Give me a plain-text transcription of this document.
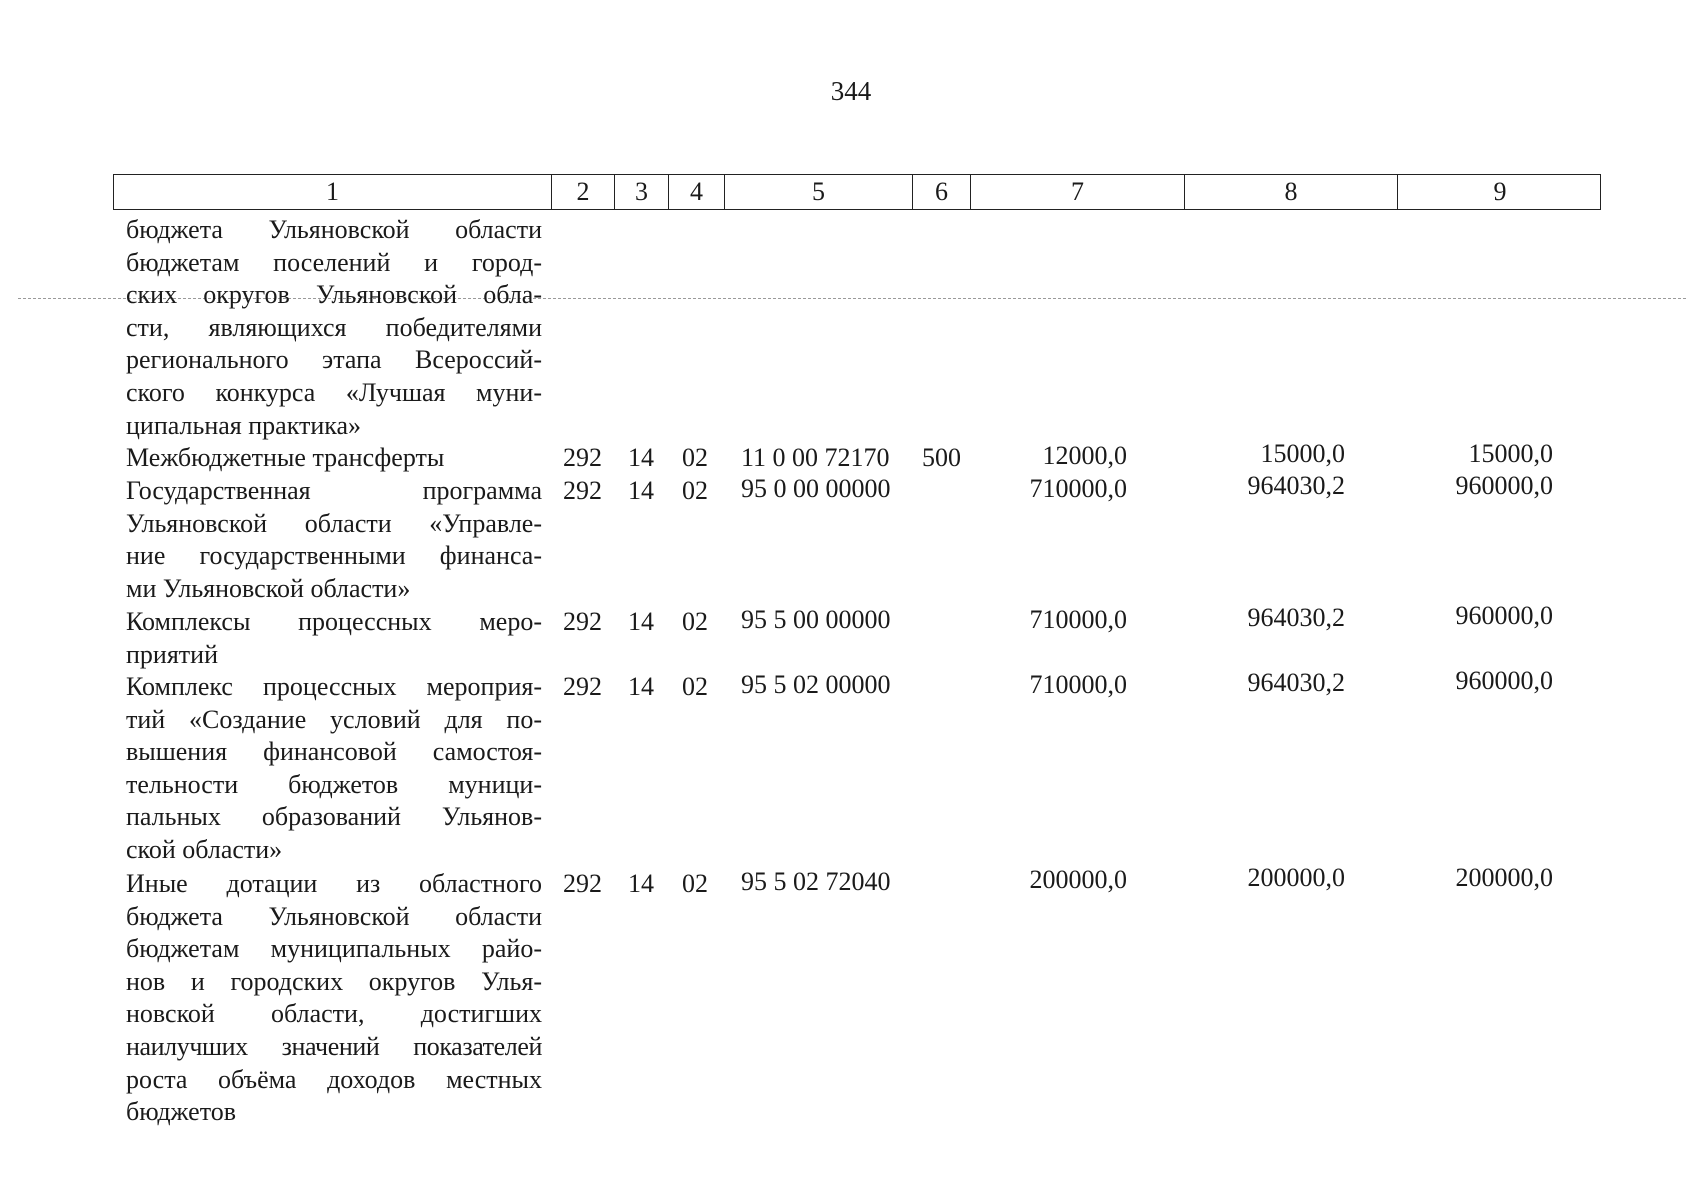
344
1	2	3	4	5	6	7	8	9
бюджета Ульяновской области
бюджетам поселений и город-
ских округов Ульяновской обла-
сти, являющихся победителями
регионального этапа Всероссий-
ского конкурса «Лучшая муни-
ципальная практика»
Межбюджетные трансферты	292 14 02 11 0 00 72170 500	12000,0	15000,0	15000,0
Государственная программа
Ульяновской области «Управле-
ние государственными финанса-
ми Ульяновской области»
292 14 02 95 0 00 00000	710000,0	964030,2	960000,0
Комплексы процессных меро-
приятий
292 14 02 95 5 00 00000	710000,0	964030,2	960000,0
Комплекс процессных мероприя-
тий «Создание условий для по-
вышения финансовой самостоя-
тельности бюджетов муници-
пальных образований Ульянов-
ской области»
292 14 02 95 5 02 00000	710000,0	964030,2	960000,0
Иные дотации из областного
бюджета Ульяновской области
бюджетам муниципальных райо-
нов и городских округов Улья-
новской области, достигших
наилучших значений показателей
роста объёма доходов местных
бюджетов
292 14 02 95 5 02 72040	200000,0	200000,0	200000,0
